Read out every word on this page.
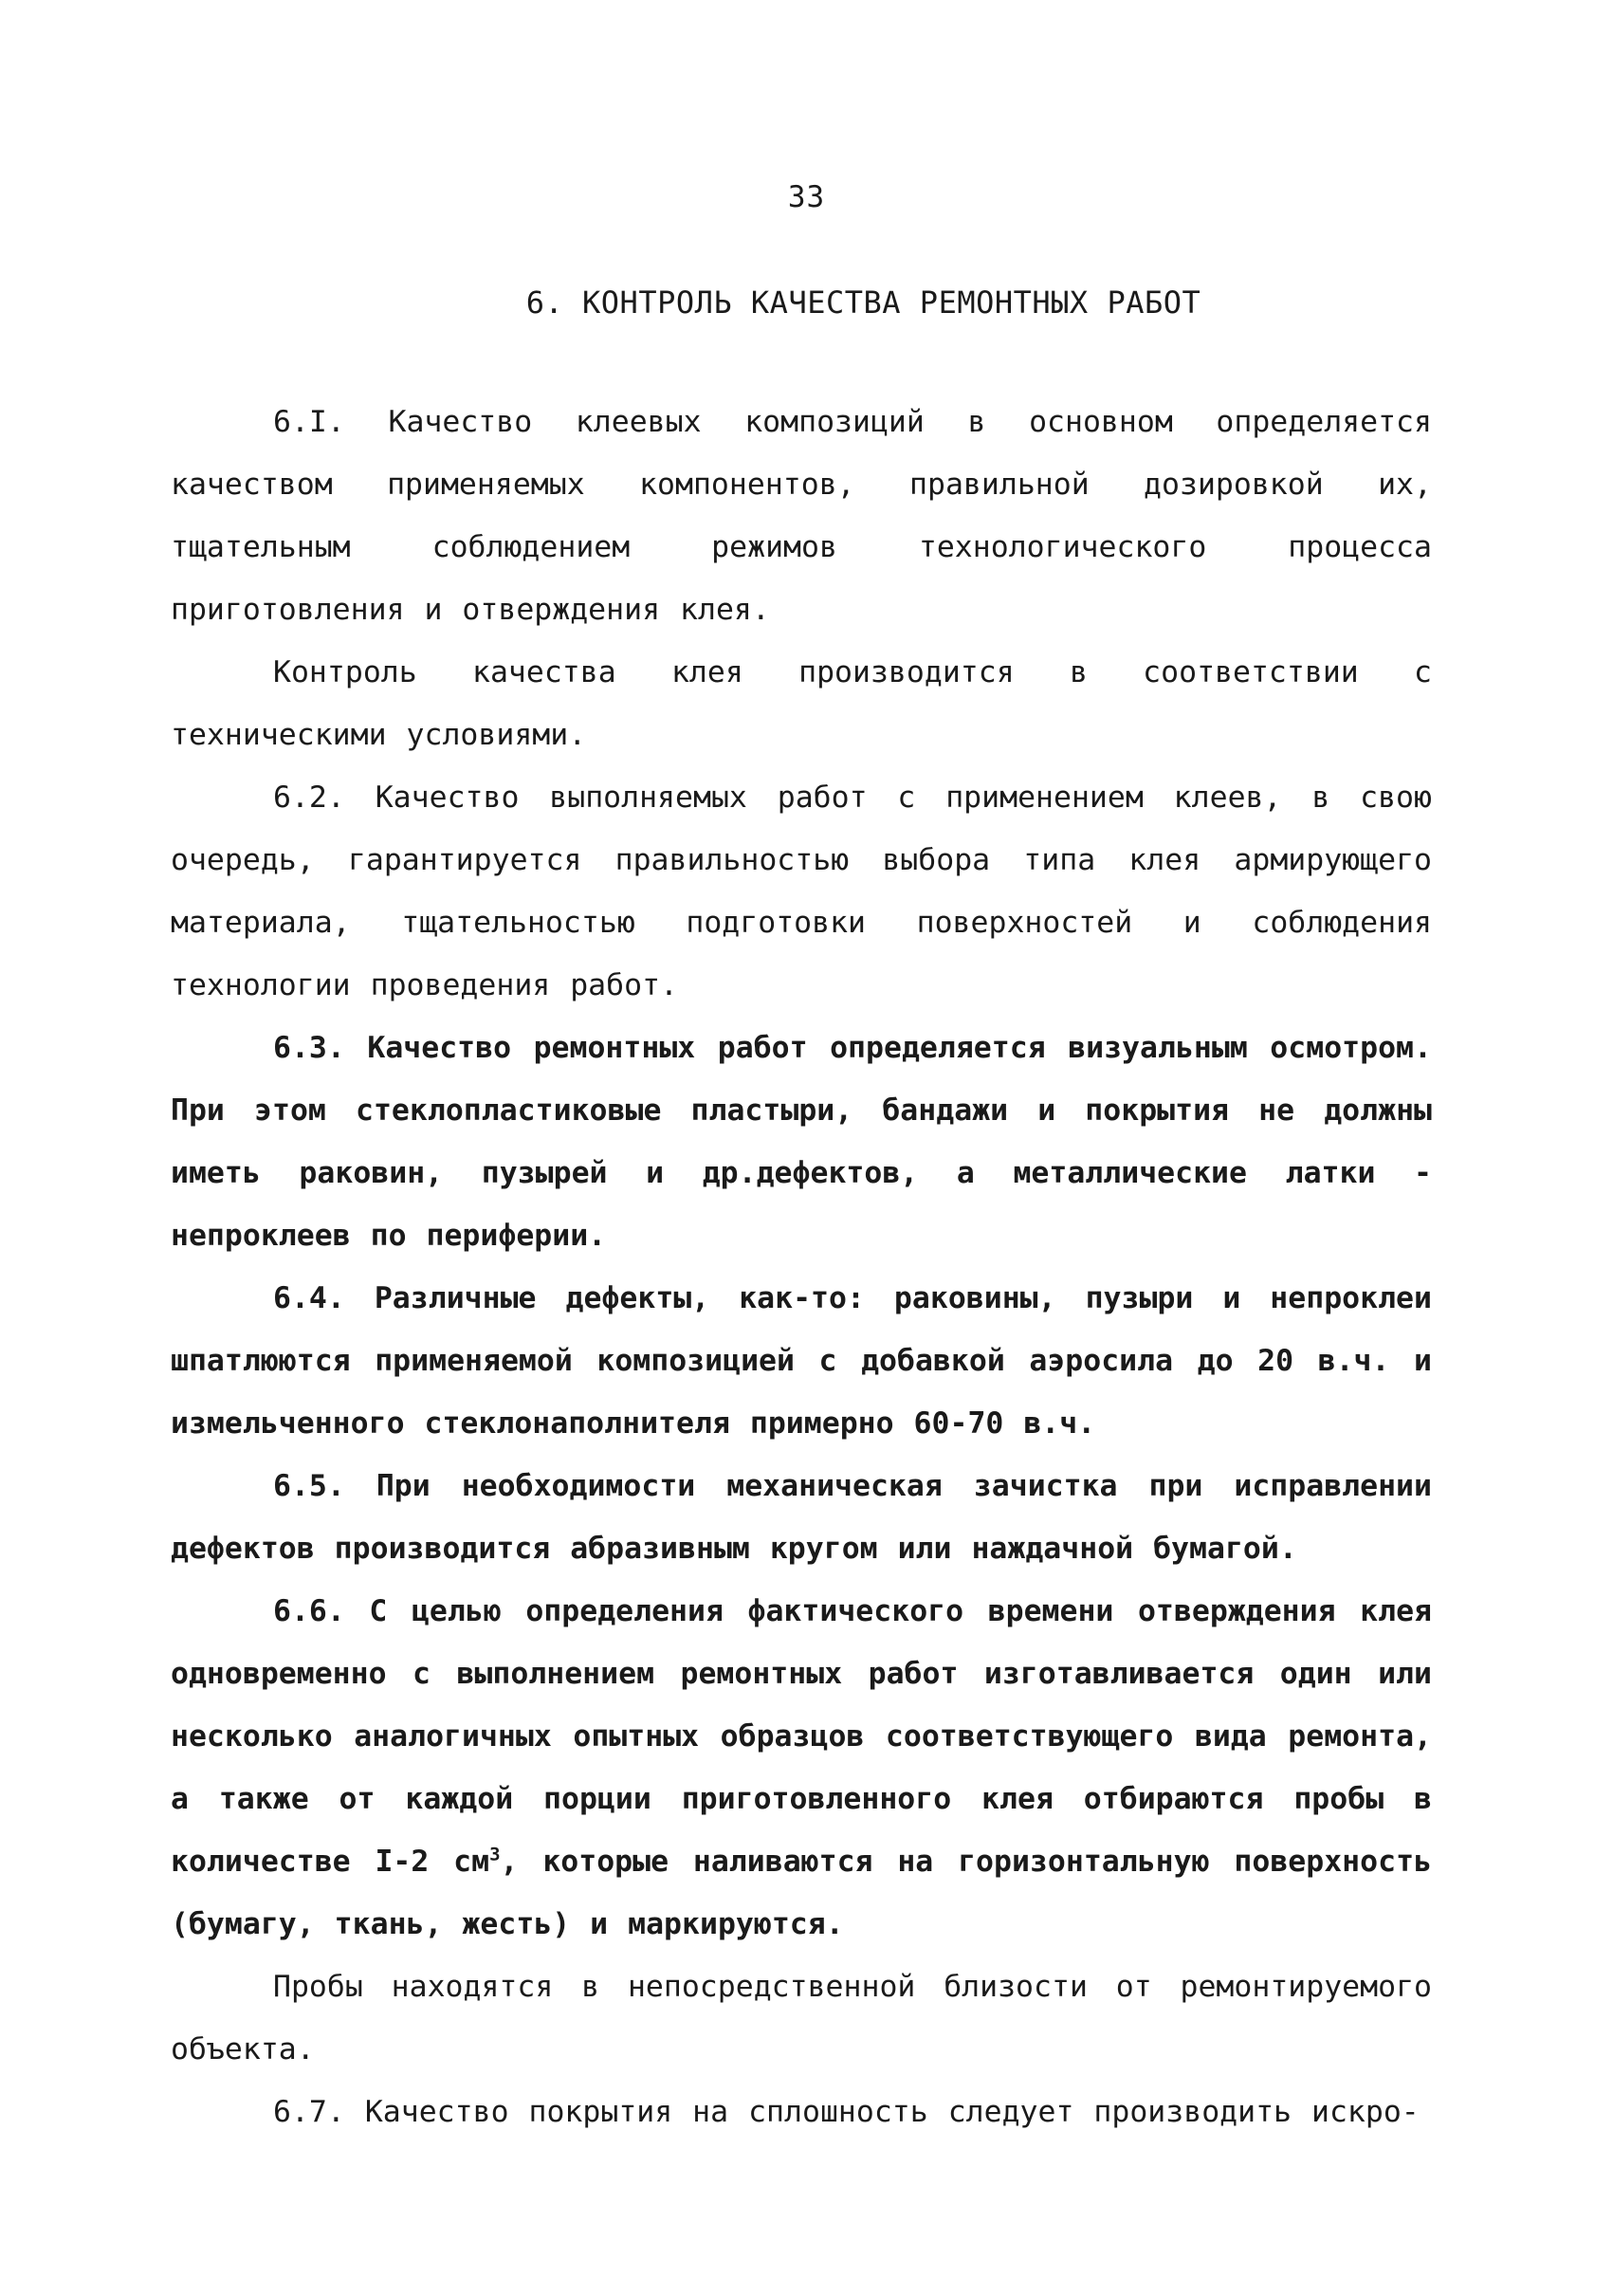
33
6. КОНТРОЛЬ КАЧЕСТВА РЕМОНТНЫХ РАБОТ

6.I. Качество клеевых композиций в основном определяется качеством применяемых компонентов, правильной дозировкой их, тщательным соблюдением режимов технологического процесса приготовления и отверждения клея.

Контроль качества клея производится в соответствии с техническими условиями.

6.2. Качество выполняемых работ с применением клеев, в свою очередь, гарантируется правильностью выбора типа клея армирующего материала, тщательностью подготовки поверхностей и соблюдения технологии проведения работ.

6.3. Качество ремонтных работ определяется визуальным осмотром. При этом стеклопластиковые пластыри, бандажи и покрытия не должны иметь раковин, пузырей и др.дефектов, а металлические латки - непроклеев по периферии.

6.4. Различные дефекты, как-то: раковины, пузыри и непроклеи шпатлюются применяемой композицией с добавкой аэросила до 20 в.ч. и измельченного стеклонаполнителя примерно 60-70 в.ч.

6.5. При необходимости механическая зачистка при исправлении дефектов производится абразивным кругом или наждачной бумагой.

6.6. С целью определения фактического времени отверждения клея одновременно с выполнением ремонтных работ изготавливается один или несколько аналогичных опытных образцов соответствующего вида ремонта, а также от каждой порции приготовленного клея отбираются пробы в количестве I-2 $см^3$, которые наливаются на горизонтальную поверхность (бумагу, ткань, жесть) и маркируются.

Пробы находятся в непосредственной близости от ремонтируемого объекта.

6.7. Качество покрытия на сплошность следует производить искро-
